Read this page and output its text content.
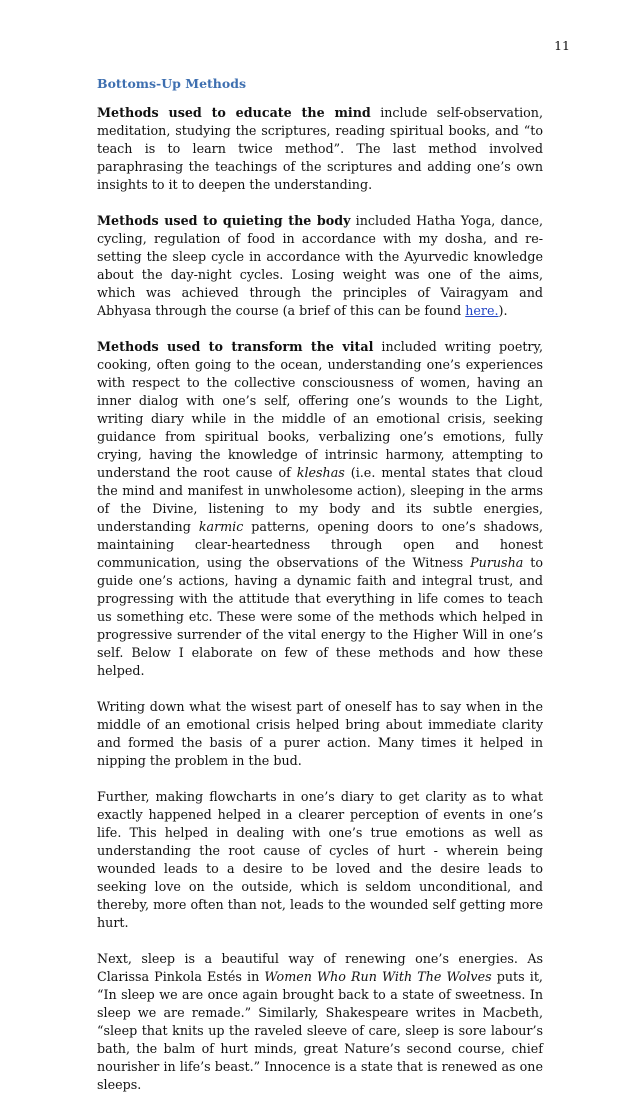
11
Bottoms-Up Methods

Methods used to educate the mind include self-observation, meditation, studying the scriptures, reading spiritual books, and “to teach is to learn twice method”. The last method involved paraphrasing the teachings of the scriptures and adding one’s own insights to it to deepen the understanding.

Methods used to quieting the body included Hatha Yoga, dance, cycling, regulation of food in accordance with my dosha, and re-setting the sleep cycle in accordance with the Ayurvedic knowledge about the day-night cycles. Losing weight was one of the aims, which was achieved through the principles of Vairagyam and Abhyasa through the course (a brief of this can be found here.).

Methods used to transform the vital included writing poetry, cooking, often going to the ocean, understanding one’s experiences with respect to the collective consciousness of women, having an inner dialog with one’s self, offering one’s wounds to the Light, writing diary while in the middle of an emotional crisis, seeking guidance from spiritual books, verbalizing one’s emotions, fully crying, having the knowledge of intrinsic harmony, attempting to understand the root cause of kleshas (i.e. mental states that cloud the mind and manifest in unwholesome action), sleeping in the arms of the Divine, listening to my body and its subtle energies, understanding karmic patterns, opening doors to one’s shadows, maintaining clear-heartedness through open and honest communication, using the observations of the Witness Purusha to guide one’s actions, having a dynamic faith and integral trust, and progressing with the attitude that everything in life comes to teach us something etc. These were some of the methods which helped in progressive surrender of the vital energy to the Higher Will in one’s self. Below I elaborate on few of these methods and how these helped.

Writing down what the wisest part of oneself has to say when in the middle of an emotional crisis helped bring about immediate clarity and formed the basis of a purer action. Many times it helped in nipping the problem in the bud.

Further, making flowcharts in one’s diary to get clarity as to what exactly happened helped in a clearer perception of events in one’s life. This helped in dealing with one’s true emotions as well as understanding the root cause of cycles of hurt - wherein being wounded leads to a desire to be loved and the desire leads to seeking love on the outside, which is seldom unconditional, and thereby, more often than not, leads to the wounded self getting more hurt.

Next, sleep is a beautiful way of renewing one’s energies. As Clarissa Pinkola Estés in Women Who Run With The Wolves puts it, “In sleep we are once again brought back to a state of sweetness. In sleep we are remade.” Similarly, Shakespeare writes in Macbeth, “sleep that knits up the raveled sleeve of care, sleep is sore labour’s bath, the balm of hurt minds, great Nature’s second course, chief nourisher in life’s beast.” Innocence is a state that is renewed as one sleeps.
